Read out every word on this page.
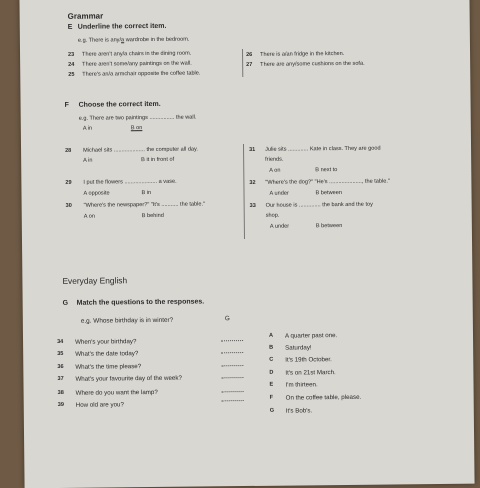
Grammar
E Underline the correct item.
e.g. There is any/a wardrobe in the bedroom.
23 There aren't any/a chairs in the dining room.
24 There aren't some/any paintings on the wall.
25 There's an/a armchair opposite the coffee table.
26 There is a/an fridge in the kitchen.
27 There are any/some cushions on the sofa.
F Choose the correct item.
e.g. There are two paintings ................ the wall.
A in	B on
28 Michael sits .................... the computer all day.
A in	B it in front of
29 I put the flowers ..................... a vase.
A opposite	B in
30 "Where's the newspaper?" "It's ........... the table."
A on	B behind
31 Julie sits ............. Kate in class. They are good
friends.
A on	B next to
32 "Where's the dog?" "He's ....................., the table."
A under	B between
33 Our house is .............. the bank and the toy
shop.
A under	B between
Everyday English
G Match the questions to the responses.
e.g. Whose birthday is in winter?	G
34 When's your birthday?
35 What's the date today?
36 What's the time please?
37 What's your favourite day of the week?
38 Where do you want the lamp?
39 How old are you?
A A quarter past one.
B Saturday!
C It's 19th October.
D It's on 21st March.
E I'm thirteen.
F On the coffee table, please.
G It's Bob's.
